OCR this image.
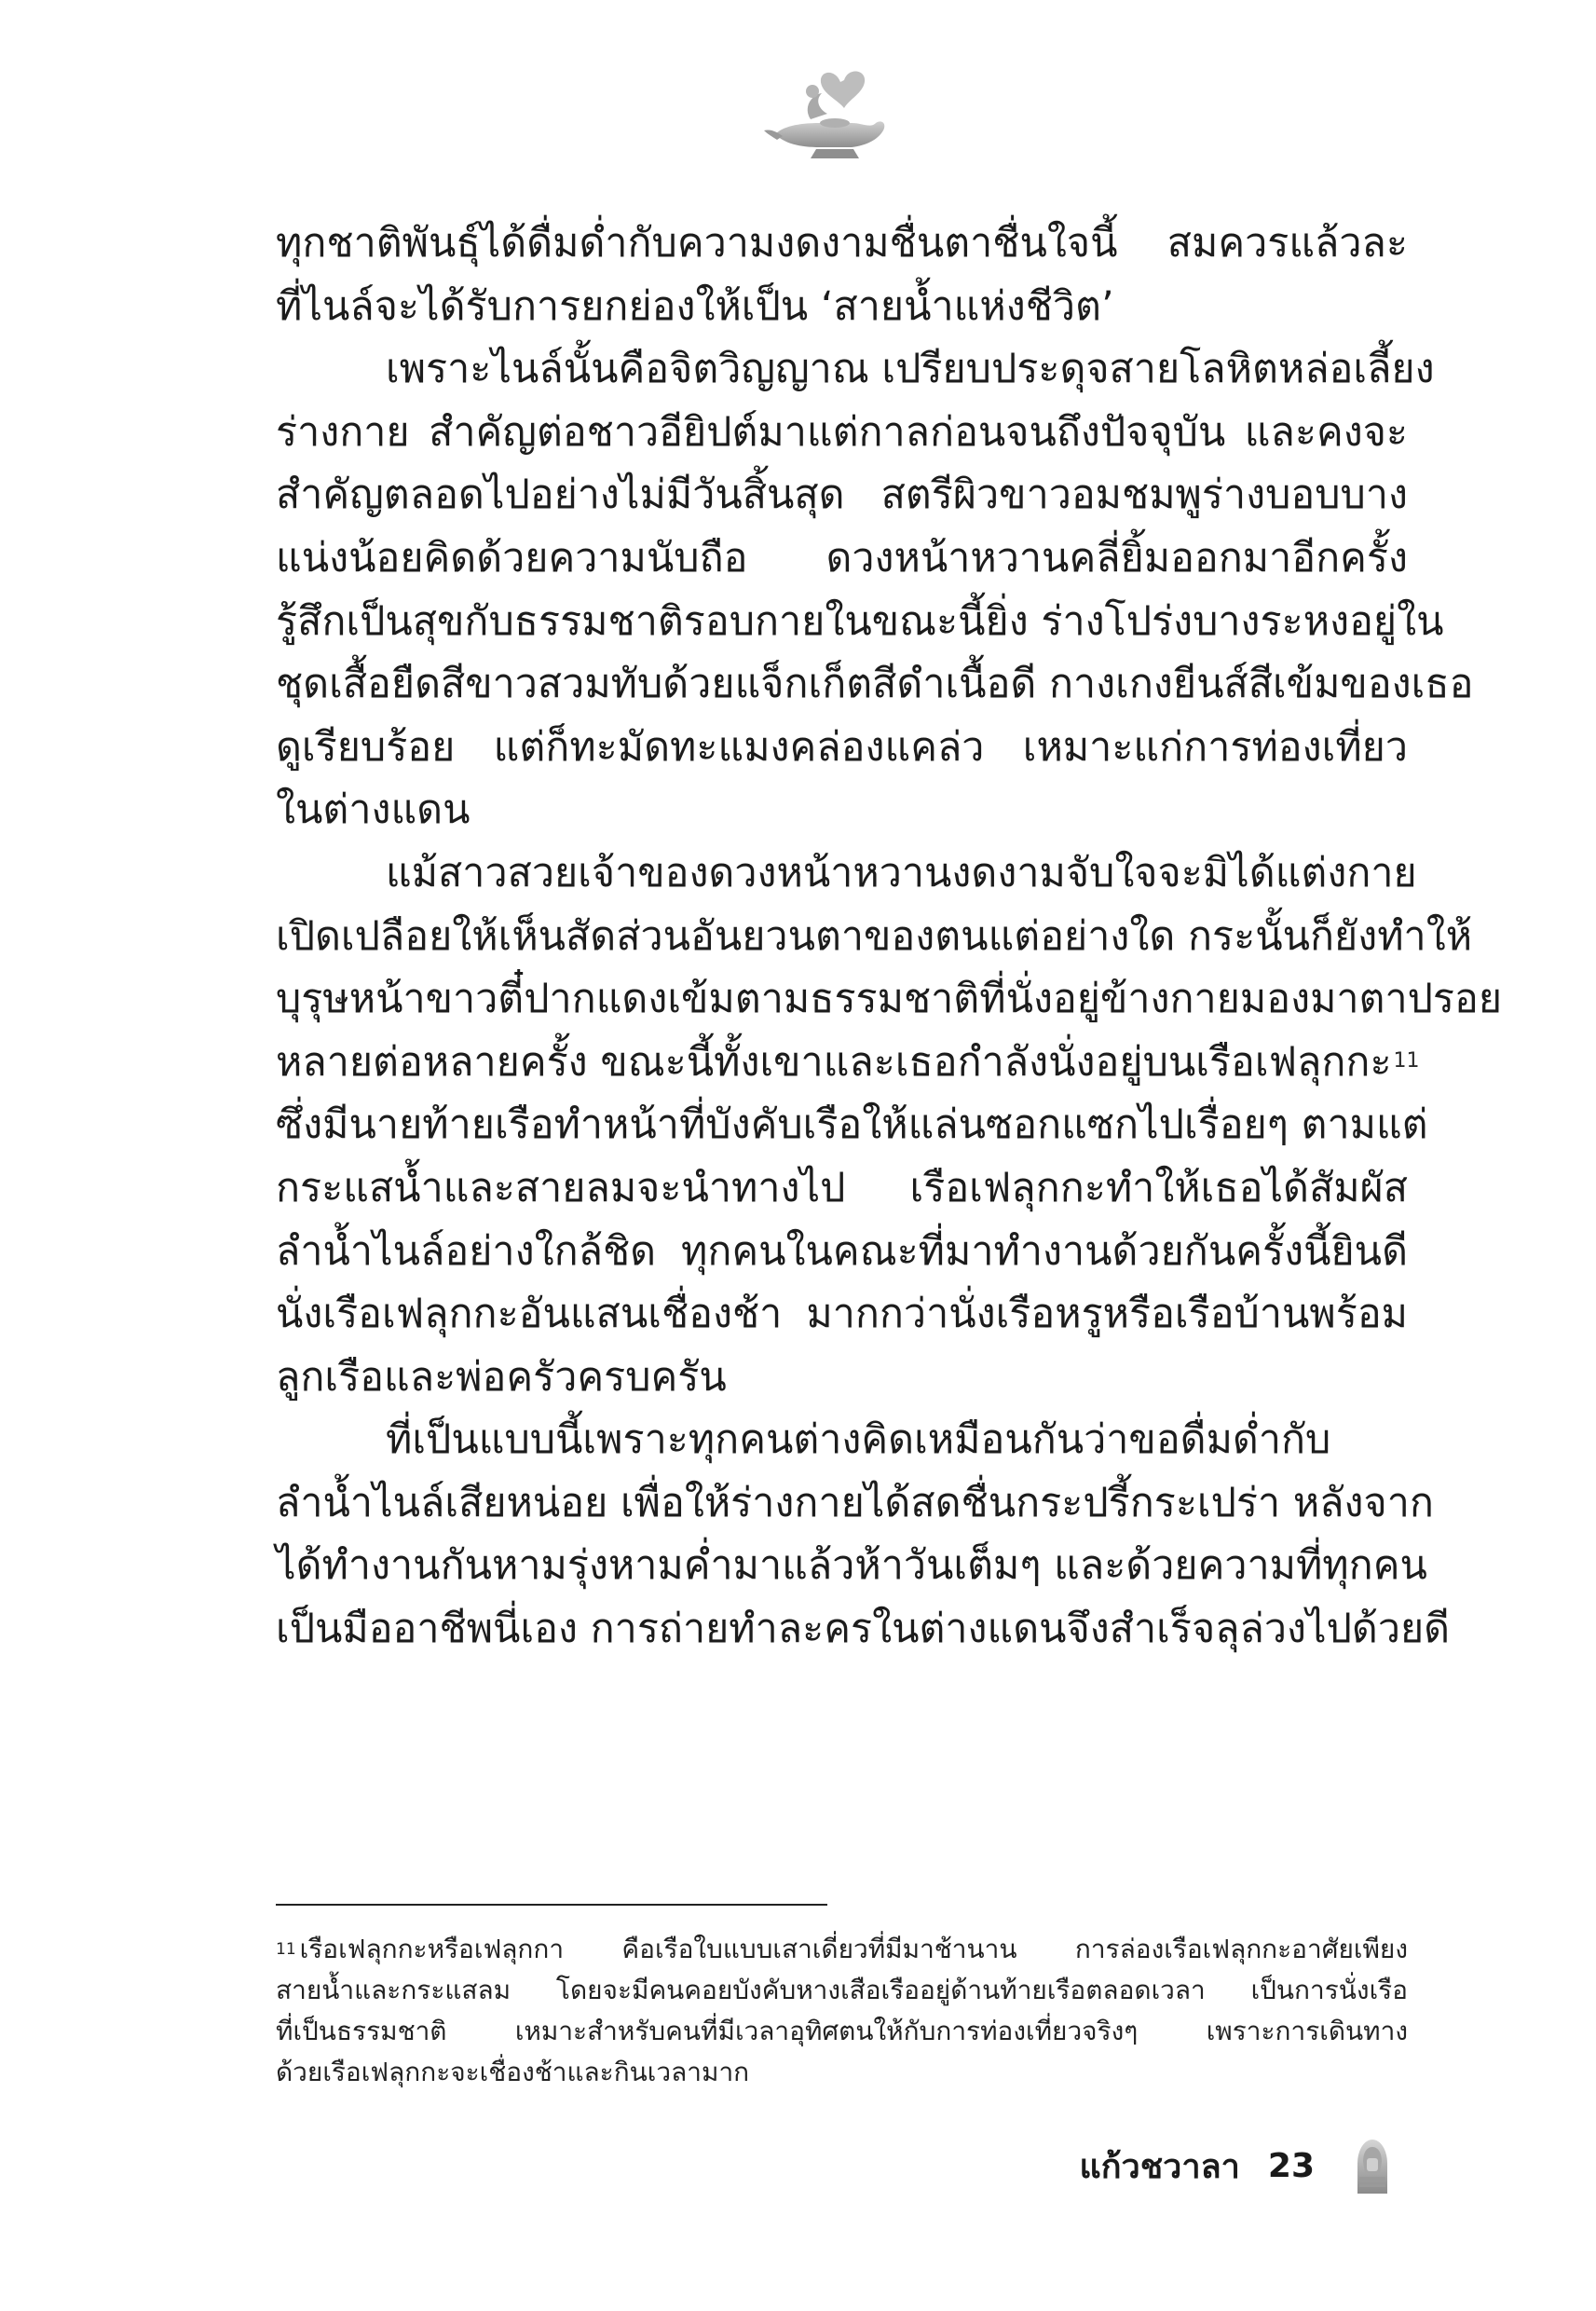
ทุกชาติพันธุ์ได้ดื่มด่ำกับความงดงามชื่นตาชื่นใจนี้ สมควรแล้วละ
ที่ไนล์จะได้รับการยกย่องให้เป็น ‘สายน้ำแห่งชีวิต’
เพราะไนล์นั้นคือจิตวิญญาณ เปรียบประดุจสายโลหิตหล่อเลี้ยง
ร่างกาย สำคัญต่อชาวอียิปต์มาแต่กาลก่อนจนถึงปัจจุบัน และคงจะ
สำคัญตลอดไปอย่างไม่มีวันสิ้นสุด สตรีผิวขาวอมชมพูร่างบอบบาง
แน่งน้อยคิดด้วยความนับถือ ดวงหน้าหวานคลี่ยิ้มออกมาอีกครั้ง
รู้สึกเป็นสุขกับธรรมชาติรอบกายในขณะนี้ยิ่ง ร่างโปร่งบางระหงอยู่ใน
ชุดเสื้อยืดสีขาวสวมทับด้วยแจ็กเก็ตสีดำเนื้อดี กางเกงยีนส์สีเข้มของเธอ
ดูเรียบร้อย แต่ก็ทะมัดทะแมงคล่องแคล่ว เหมาะแก่การท่องเที่ยว
ในต่างแดน
แม้สาวสวยเจ้าของดวงหน้าหวานงดงามจับใจจะมิได้แต่งกาย
เปิดเปลือยให้เห็นสัดส่วนอันยวนตาของตนแต่อย่างใด กระนั้นก็ยังทำให้
บุรุษหน้าขาวตี๋ปากแดงเข้มตามธรรมชาติที่นั่งอยู่ข้างกายมองมาตาปรอย
หลายต่อหลายครั้ง ขณะนี้ทั้งเขาและเธอกำลังนั่งอยู่บนเรือเฟลุกกะ$^{11}$
ซึ่งมีนายท้ายเรือทำหน้าที่บังคับเรือให้แล่นซอกแซกไปเรื่อยๆ ตามแต่
กระแสน้ำและสายลมจะนำทางไป เรือเฟลุกกะทำให้เธอได้สัมผัส
ลำน้ำไนล์อย่างใกล้ชิด ทุกคนในคณะที่มาทำงานด้วยกันครั้งนี้ยินดี
นั่งเรือเฟลุกกะอันแสนเชื่องช้า มากกว่านั่งเรือหรูหรือเรือบ้านพร้อม
ลูกเรือและพ่อครัวครบครัน
ที่เป็นแบบนี้เพราะทุกคนต่างคิดเหมือนกันว่าขอดื่มด่ำกับ
ลำน้ำไนล์เสียหน่อย เพื่อให้ร่างกายได้สดชื่นกระปรี้กระเปร่า หลังจาก
ได้ทำงานกันหามรุ่งหามค่ำมาแล้วห้าวันเต็มๆ และด้วยความที่ทุกคน
เป็นมืออาชีพนี่เอง การถ่ายทำละครในต่างแดนจึงสำเร็จลุล่วงไปด้วยดี
$^{11}$ เรือเฟลุกกะหรือเฟลุกกา คือเรือใบแบบเสาเดี่ยวที่มีมาช้านาน การล่องเรือเฟลุกกะอาศัยเพียง
สายน้ำและกระแสลม โดยจะมีคนคอยบังคับหางเสือเรืออยู่ด้านท้ายเรือตลอดเวลา เป็นการนั่งเรือ
ที่เป็นธรรมชาติ เหมาะสำหรับคนที่มีเวลาอุทิศตนให้กับการท่องเที่ยวจริงๆ เพราะการเดินทาง
ด้วยเรือเฟลุกกะจะเชื่องช้าและกินเวลามาก
แก้วชวาลา 23
